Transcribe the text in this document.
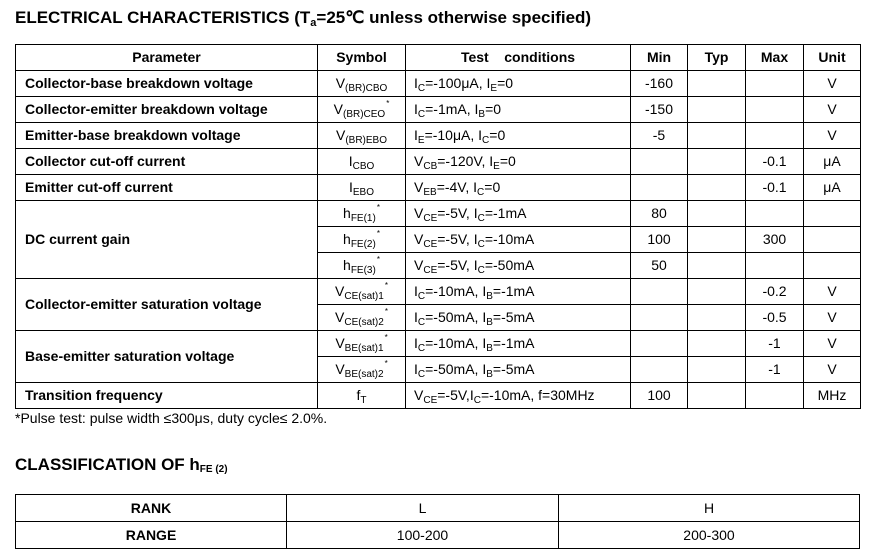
ELECTRICAL CHARACTERISTICS ($T_a=25℃$ unless otherwise specified)
Parameter	Symbol	Test    conditions	Min	Typ	Max	Unit
Collector-base breakdown voltage	$V_{(BR)CBO}$	$I_C=-100\mu A$, $I_E=0$	-160			V
Collector-emitter breakdown voltage	$V_{(BR)CEO}^*$	$I_C=-1mA$, $I_B=0$	-150			V
Emitter-base breakdown voltage	$V_{(BR)EBO}$	$I_E=-10\mu A$, $I_C=0$	-5			V
Collector cut-off current	$I_{CBO}$	$V_{CB}=-120V$, $I_E=0$			-0.1	μA
Emitter cut-off current	$I_{EBO}$	$V_{EB}=-4V$, $I_C=0$			-0.1	μA
DC current gain	$h_{FE(1)}^*$	$V_{CE}=-5V$, $I_C=-1mA$	80			
	$h_{FE(2)}^*$	$V_{CE}=-5V$, $I_C=-10mA$	100		300	
	$h_{FE(3)}^*$	$V_{CE}=-5V$, $I_C=-50mA$	50			
Collector-emitter saturation voltage	$V_{CE(sat)1}^*$	$I_C=-10mA$, $I_B=-1mA$			-0.2	V
	$V_{CE(sat)2}^*$	$I_C=-50mA$, $I_B=-5mA$			-0.5	V
Base-emitter saturation voltage	$V_{BE(sat)1}^*$	$I_C=-10mA$, $I_B=-1mA$			-1	V
	$V_{BE(sat)2}^*$	$I_C=-50mA$, $I_B=-5mA$			-1	V
Transition frequency	$f_T$	$V_{CE}=-5V,I_C=-10mA$, f=30MHz	100			MHz
*Pulse test: pulse width ≤300μs, duty cycle≤ 2.0%.
CLASSIFICATION OF $h_{FE (2)}$
RANK	L	H
RANGE	100-200	200-300
